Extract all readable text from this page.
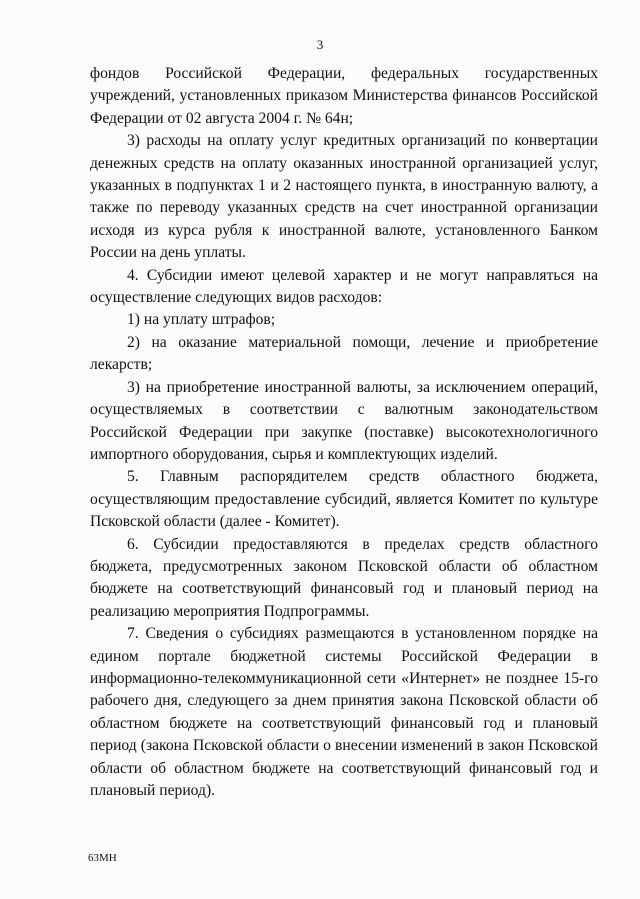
3

фондов Российской Федерации, федеральных государственных учреждений, установленных приказом Министерства финансов Российской Федерации от 02 августа 2004 г. № 64н;

3) расходы на оплату услуг кредитных организаций по конвертации денежных средств на оплату оказанных иностранной организацией услуг, указанных в подпунктах 1 и 2 настоящего пункта, в иностранную валюту, а также по переводу указанных средств на счет иностранной организации исходя из курса рубля к иностранной валюте, установленного Банком России на день уплаты.

4. Субсидии имеют целевой характер и не могут направляться на осуществление следующих видов расходов:

1) на уплату штрафов;

2) на оказание материальной помощи, лечение и приобретение лекарств;

3) на приобретение иностранной валюты, за исключением операций, осуществляемых в соответствии с валютным законодательством Российской Федерации при закупке (поставке) высокотехнологичного импортного оборудования, сырья и комплектующих изделий.

5. Главным распорядителем средств областного бюджета, осуществляющим предоставление субсидий, является Комитет по культуре Псковской области (далее - Комитет).

6. Субсидии предоставляются в пределах средств областного бюджета, предусмотренных законом Псковской области об областном бюджете на соответствующий финансовый год и плановый период на реализацию мероприятия Подпрограммы.

7. Сведения о субсидиях размещаются в установленном порядке на едином портале бюджетной системы Российской Федерации в информационно-телекоммуникационной сети «Интернет» не позднее 15-го рабочего дня, следующего за днем принятия закона Псковской области об областном бюджете на соответствующий финансовый год и плановый период (закона Псковской области о внесении изменений в закон Псковской области об областном бюджете на соответствующий финансовый год и плановый период).

63МН
